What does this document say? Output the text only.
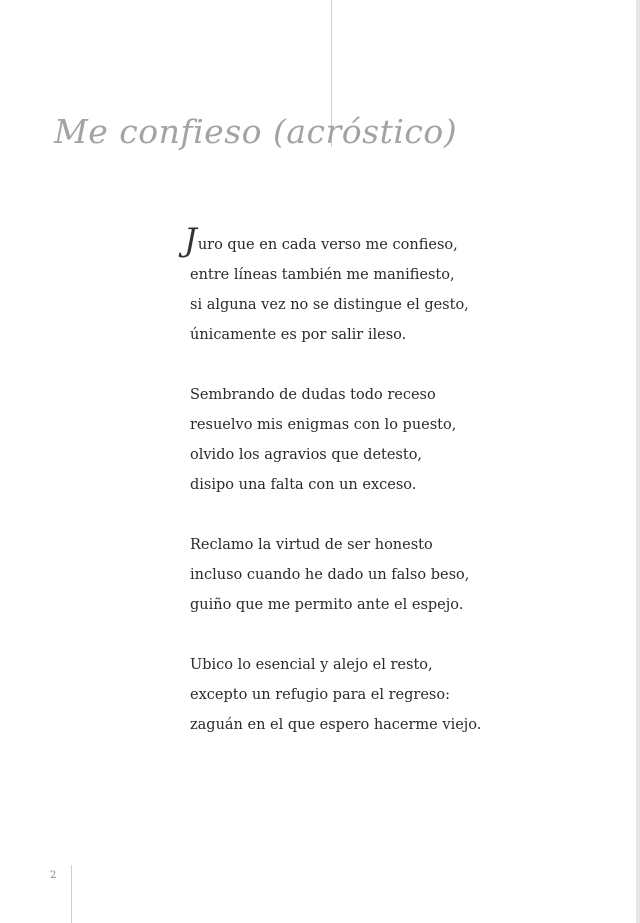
Me confieso (acróstico)
Juro que en cada verso me confieso,
entre líneas también me manifiesto,
si alguna vez no se distingue el gesto,
únicamente es por salir ileso.
Sembrando de dudas todo receso
resuelvo mis enigmas con lo puesto,
olvido los agravios que detesto,
disipo una falta con un exceso.
Reclamo la virtud de ser honesto
incluso cuando he dado un falso beso,
guiño que me permito ante el espejo.
Ubico lo esencial y alejo el resto,
excepto un refugio para el regreso:
zaguán en el que espero hacerme viejo.
2
